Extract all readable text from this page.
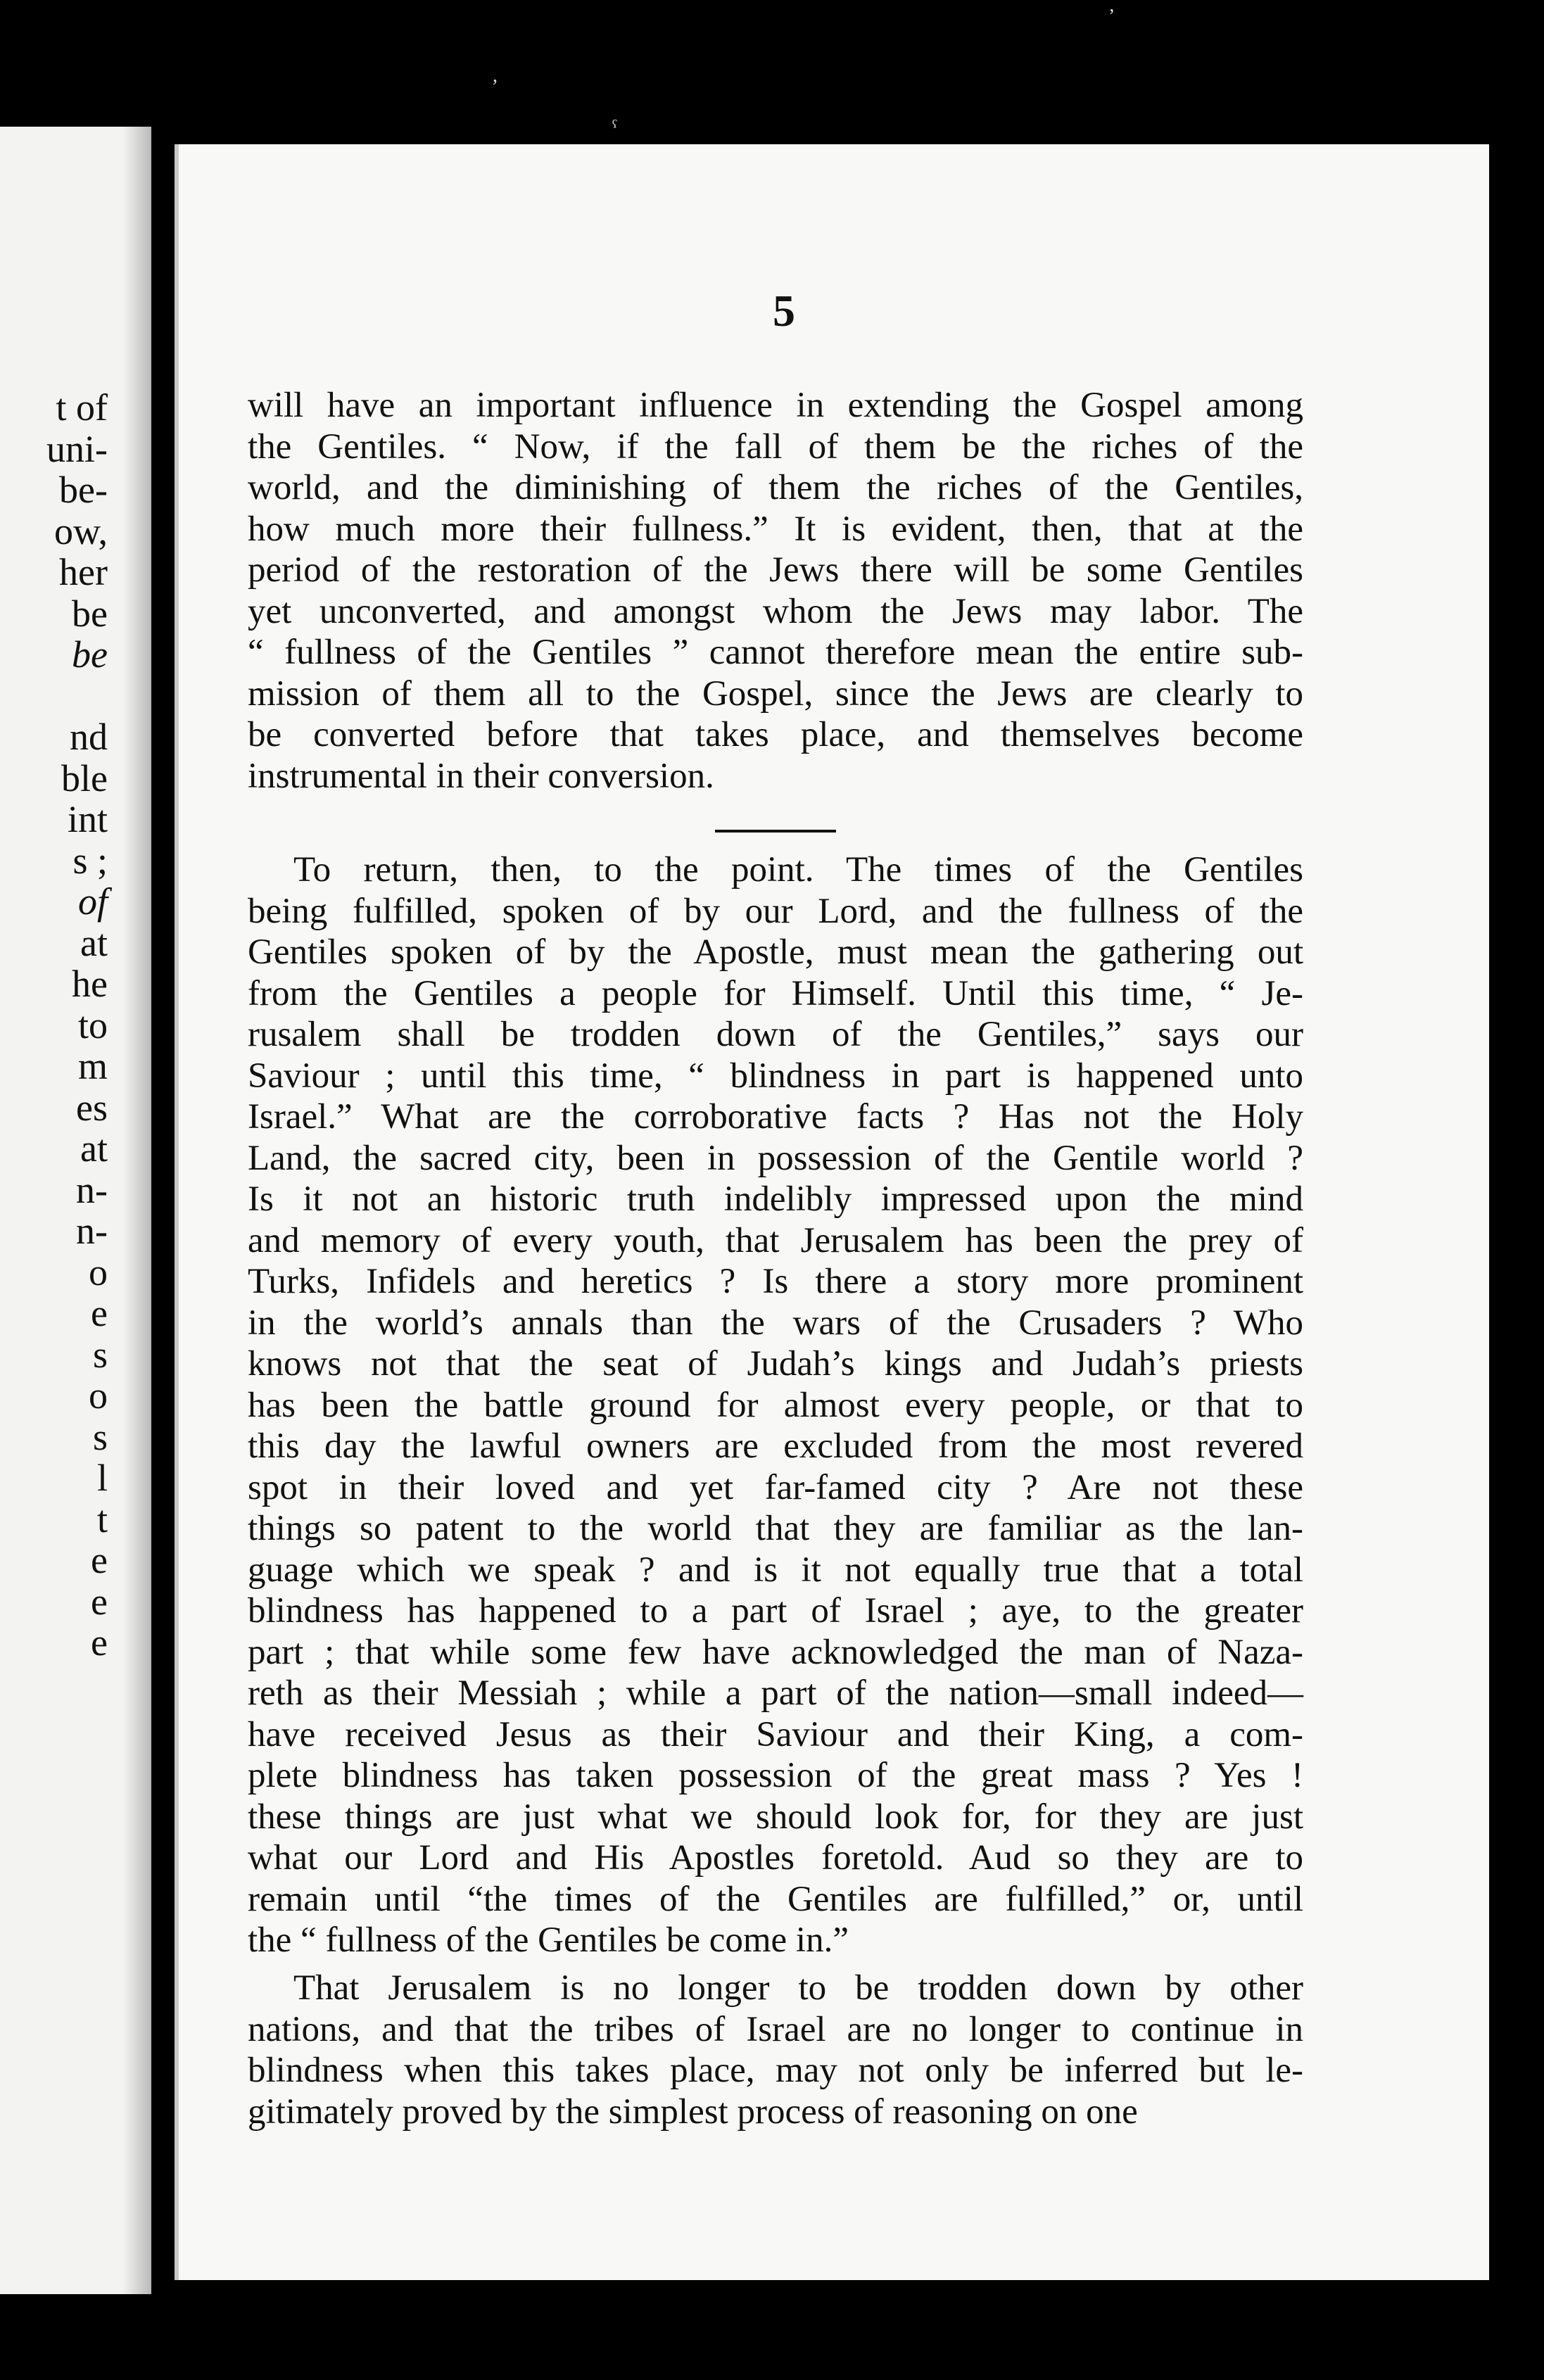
ʼ
,
ˤ
t of
uni-
be-
ow,
her
be
be
nd
ble
int
s ;
of
at
he
to
m
es
at
n-
n-
o
e
s
o
s
l
t
e
e
e
5
will have an important influence in extending the Gospel among
the Gentiles. “ Now, if the fall of them be the riches of the
world, and the diminishing of them the riches of the Gentiles,
how much more their fullness.” It is evident, then, that at the
period of the restoration of the Jews there will be some Gentiles
yet unconverted, and amongst whom the Jews may labor. The
“ fullness of the Gentiles ” cannot therefore mean the entire sub-
mission of them all to the Gospel, since the Jews are clearly to
be converted before that takes place, and themselves become
instrumental in their conversion.
To return, then, to the point. The times of the Gentiles
being fulfilled, spoken of by our Lord, and the fullness of the
Gentiles spoken of by the Apostle, must mean the gathering out
from the Gentiles a people for Himself. Until this time, “ Je-
rusalem shall be trodden down of the Gentiles,” says our
Saviour ; until this time, “ blindness in part is happened unto
Israel.” What are the corroborative facts ? Has not the Holy
Land, the sacred city, been in possession of the Gentile world ?
Is it not an historic truth indelibly impressed upon the mind
and memory of every youth, that Jerusalem has been the prey of
Turks, Infidels and heretics ? Is there a story more prominent
in the world’s annals than the wars of the Crusaders ? Who
knows not that the seat of Judah’s kings and Judah’s priests
has been the battle ground for almost every people, or that to
this day the lawful owners are excluded from the most revered
spot in their loved and yet far-famed city ? Are not these
things so patent to the world that they are familiar as the lan-
guage which we speak ? and is it not equally true that a total
blindness has happened to a part of Israel ; aye, to the greater
part ; that while some few have acknowledged the man of Naza-
reth as their Messiah ; while a part of the nation—small indeed—
have received Jesus as their Saviour and their King, a com-
plete blindness has taken possession of the great mass ? Yes !
these things are just what we should look for, for they are just
what our Lord and His Apostles foretold. Aud so they are to
remain until “the times of the Gentiles are fulfilled,” or, until
the “ fullness of the Gentiles be come in.”
That Jerusalem is no longer to be trodden down by other
nations, and that the tribes of Israel are no longer to continue in
blindness when this takes place, may not only be inferred but le-
gitimately proved by the simplest process of reasoning on one
